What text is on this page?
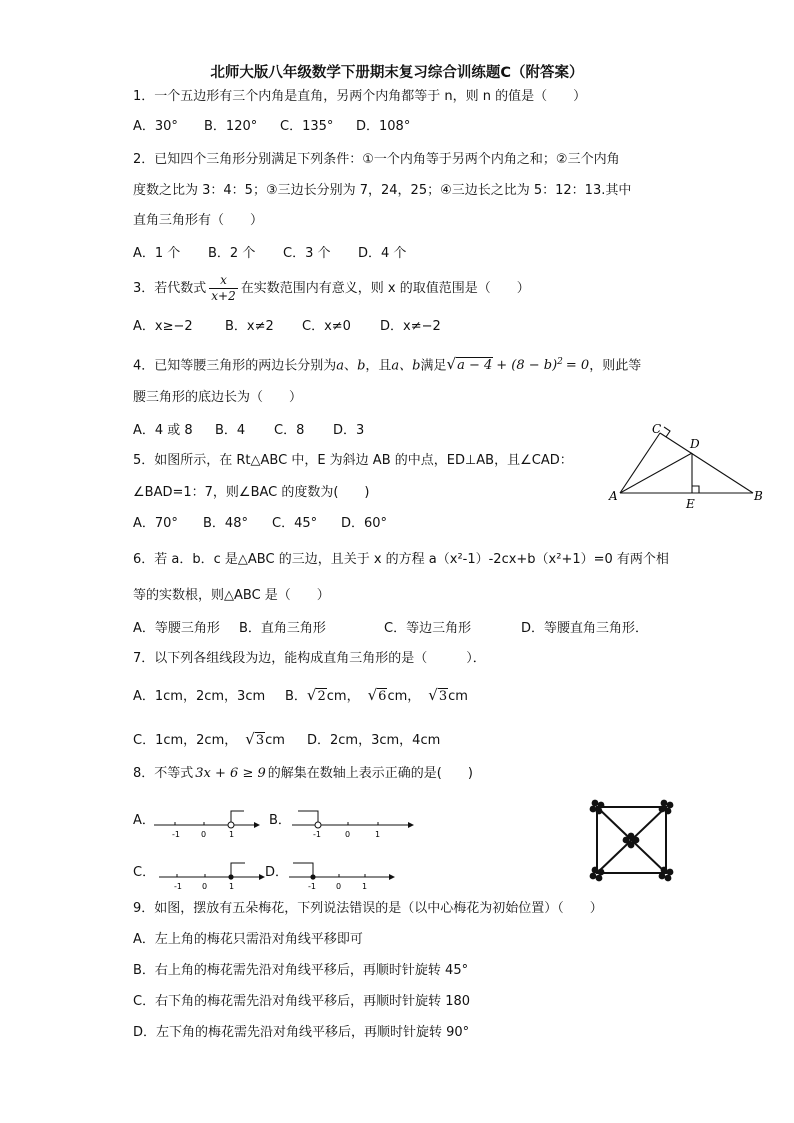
北师大版八年级数学下册期末复习综合训练题C（附答案）
1．一个五边形有三个内角是直角，另两个内角都等于 n，则 n 的值是（　　）
A．30° B．120° C．135° D．108°
2．已知四个三角形分别满足下列条件：①一个内角等于另两个内角之和；②三个内角
度数之比为 3：4：5；③三边长分别为 7，24，25；④三边长之比为 5：12：13.其中
直角三角形有（　　）
A．1 个 B．2 个 C．3 个 D．4 个
3．若代数式 $\frac{x}{x+2}$ 在实数范围内有意义，则 x 的取值范围是（　　）
A．x≥−2 B．x≠2 C．x≠0 D．x≠−2
4．已知等腰三角形的两边长分别为a、b，且a、b满足$√a - 4 + (8 - b)^2 = 0$，则此等
腰三角形的底边长为（　　）
A．4 或 8 B．4 C．8 D．3
5．如图所示，在 Rt△ABC 中，E 为斜边 AB 的中点，ED⊥AB，且∠CAD：
∠BAD=1：7，则∠BAC 的度数为(　　)
A．70° B．48° C．45° D．60°
A	B
C
D
E
6．若 a．b．c 是△ABC 的三边，且关于 x 的方程 a（x²-1）-2cx+b（x²+1）=0 有两个相
等的实数根，则△ABC 是（　　）
A．等腰三角形 B．直角三角形	C．等边三角形	D．等腰直角三角形．
7．以下列各组线段为边，能构成直角三角形的是（　　　）．
A．1cm，2cm，3cm B．√2cm， √6cm， √3cm
C．1cm，2cm， √3cm D．2cm，3cm，4cm
8．不等式 3x + 6 ≥ 9 的解集在数轴上表示正确的是(　　)
A．
-1	0	1
B．
-1	0	1
C．
-1	0	1
D．
-1	0	1
9．如图，摆放有五朵梅花，下列说法错误的是（以中心梅花为初始位置）（　　）
A．左上角的梅花只需沿对角线平移即可
B．右上角的梅花需先沿对角线平移后，再顺时针旋转 45°
C．右下角的梅花需先沿对角线平移后，再顺时针旋转 180
D．左下角的梅花需先沿对角线平移后，再顺时针旋转 90°
